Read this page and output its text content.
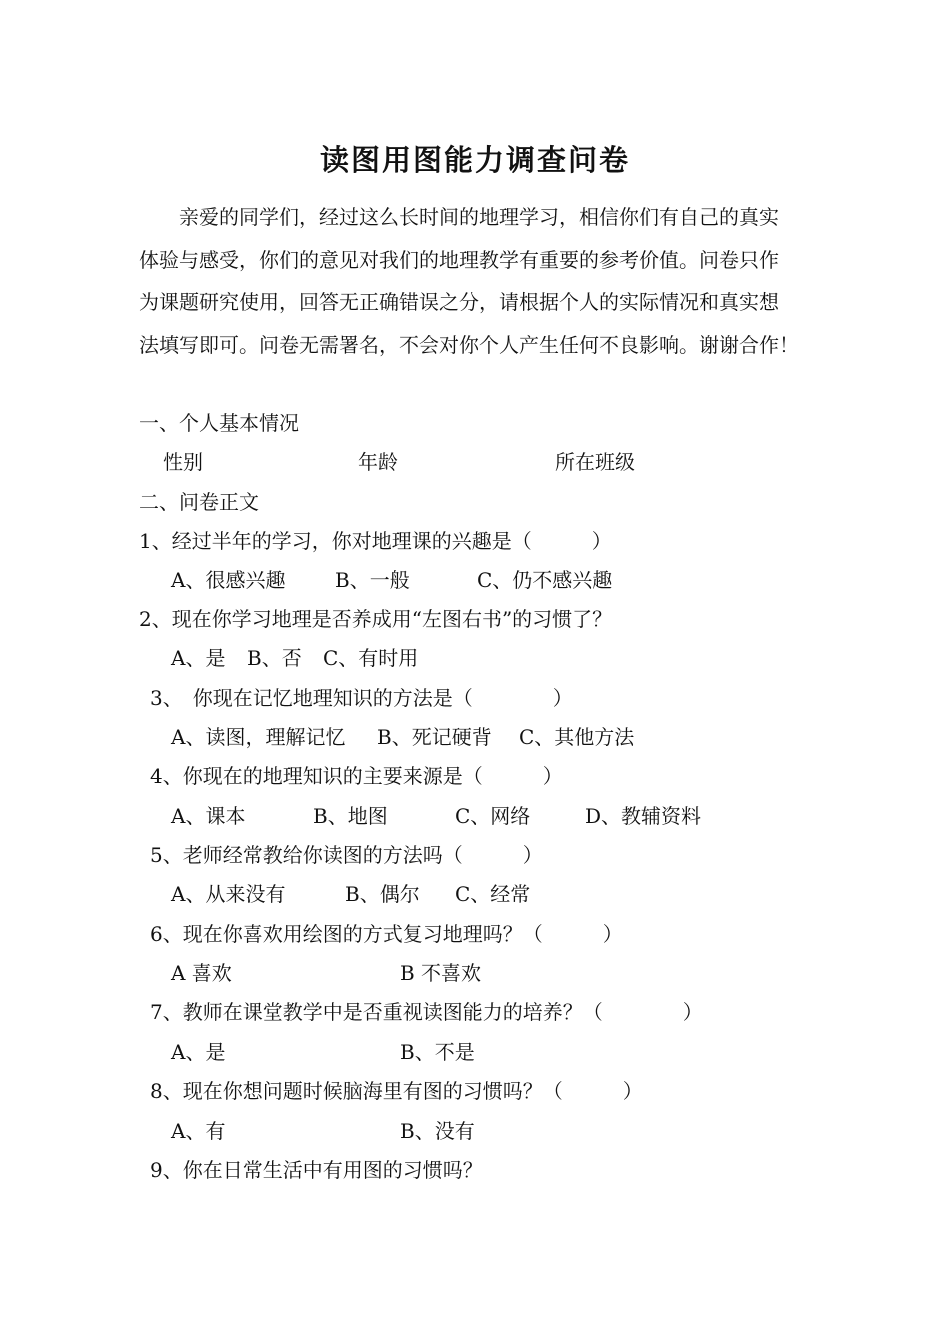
读图用图能力调查问卷
亲爱的同学们，经过这么长时间的地理学习，相信你们有自己的真实
体验与感受，你们的意见对我们的地理教学有重要的参考价值。问卷只作
为课题研究使用，回答无正确错误之分，请根据个人的实际情况和真实想
法填写即可。问卷无需署名，不会对你个人产生任何不良影响。谢谢合作！
一、个人基本情况
性别	年龄	所在班级
二、问卷正文
1、经过半年的学习，你对地理课的兴趣是（　　　）
A、很感兴趣 B、一般	C、仍不感兴趣
2、现在你学习地理是否养成用“左图右书”的习惯了？
A、是 B、否 C、有时用
3、　你现在记忆地理知识的方法是（　　　　）
A、读图，理解记忆 B、死记硬背 C、其他方法
4、你现在的地理知识的主要来源是（　　　）
A、课本	B、地图	C、网络	D、教辅资料
5、老师经常教给你读图的方法吗（　　　）
A、从来没有	B、偶尔 C、经常
6、现在你喜欢用绘图的方式复习地理吗？（　　　）
A 喜欢	B 不喜欢
7、教师在课堂教学中是否重视读图能力的培养？（　　　　）
A、是	B、不是
8、现在你想问题时候脑海里有图的习惯吗？（　　　）
A、有	B、没有
9、你在日常生活中有用图的习惯吗？
